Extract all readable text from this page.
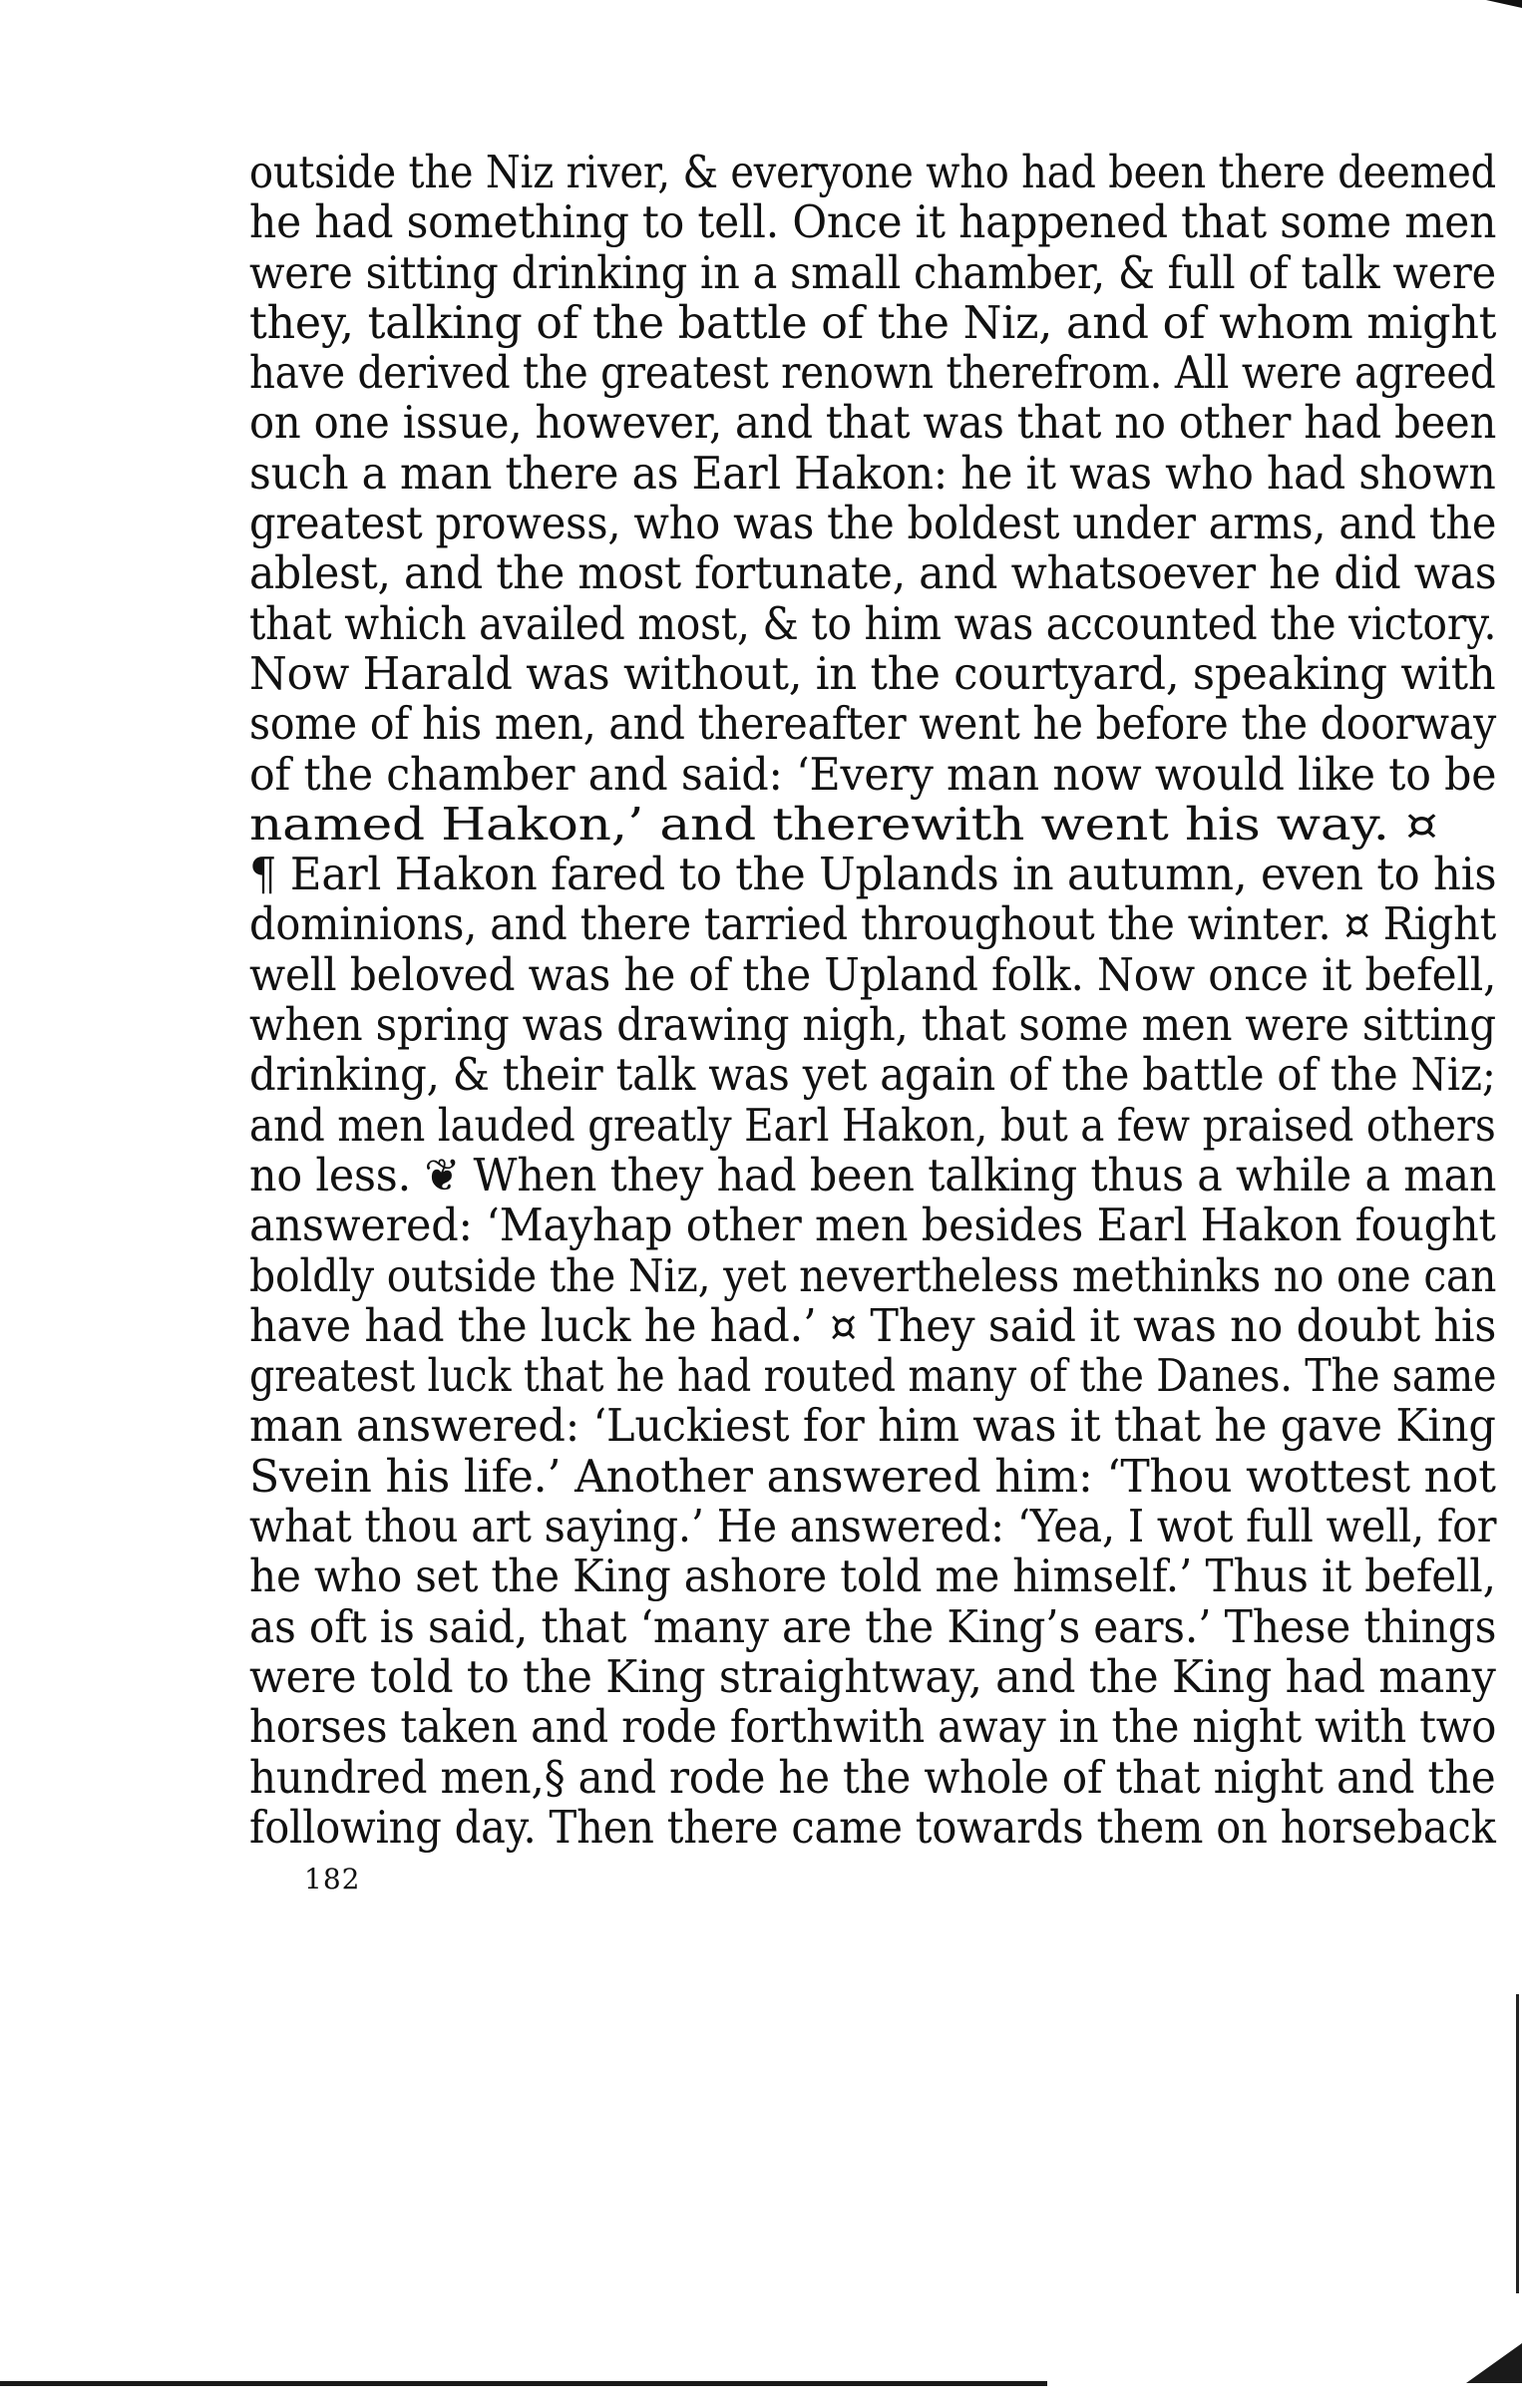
outside the Niz river, & everyone who had been there deemed
he had something to tell. Once it happened that some men
were sitting drinking in a small chamber, & full of talk were
they, talking of the battle of the Niz, and of whom might
have derived the greatest renown therefrom. All were agreed
on one issue, however, and that was that no other had been
such a man there as Earl Hakon: he it was who had shown
greatest prowess, who was the boldest under arms, and the
ablest, and the most fortunate, and whatsoever he did was
that which availed most, & to him was accounted the victory.
Now Harald was without, in the courtyard, speaking with
some of his men, and thereafter went he before the doorway
of the chamber and said: ‘Every man now would like to be
named Hakon,’ and therewith went his way. ¤
¶ Earl Hakon fared to the Uplands in autumn, even to his
dominions, and there tarried throughout the winter. ¤ Right
well beloved was he of the Upland folk. Now once it befell,
when spring was drawing nigh, that some men were sitting
drinking, & their talk was yet again of the battle of the Niz;
and men lauded greatly Earl Hakon, but a few praised others
no less. ❦ When they had been talking thus a while a man
answered: ‘Mayhap other men besides Earl Hakon fought
boldly outside the Niz, yet nevertheless methinks no one can
have had the luck he had.’ ¤ They said it was no doubt his
greatest luck that he had routed many of the Danes. The same
man answered: ‘Luckiest for him was it that he gave King
Svein his life.’ Another answered him: ‘Thou wottest not
what thou art saying.’ He answered: ‘Yea, I wot full well, for
he who set the King ashore told me himself.’ Thus it befell,
as oft is said, that ‘many are the King’s ears.’ These things
were told to the King straightway, and the King had many
horses taken and rode forthwith away in the night with two
hundred men,§ and rode he the whole of that night and the
following day. Then there came towards them on horseback
182
